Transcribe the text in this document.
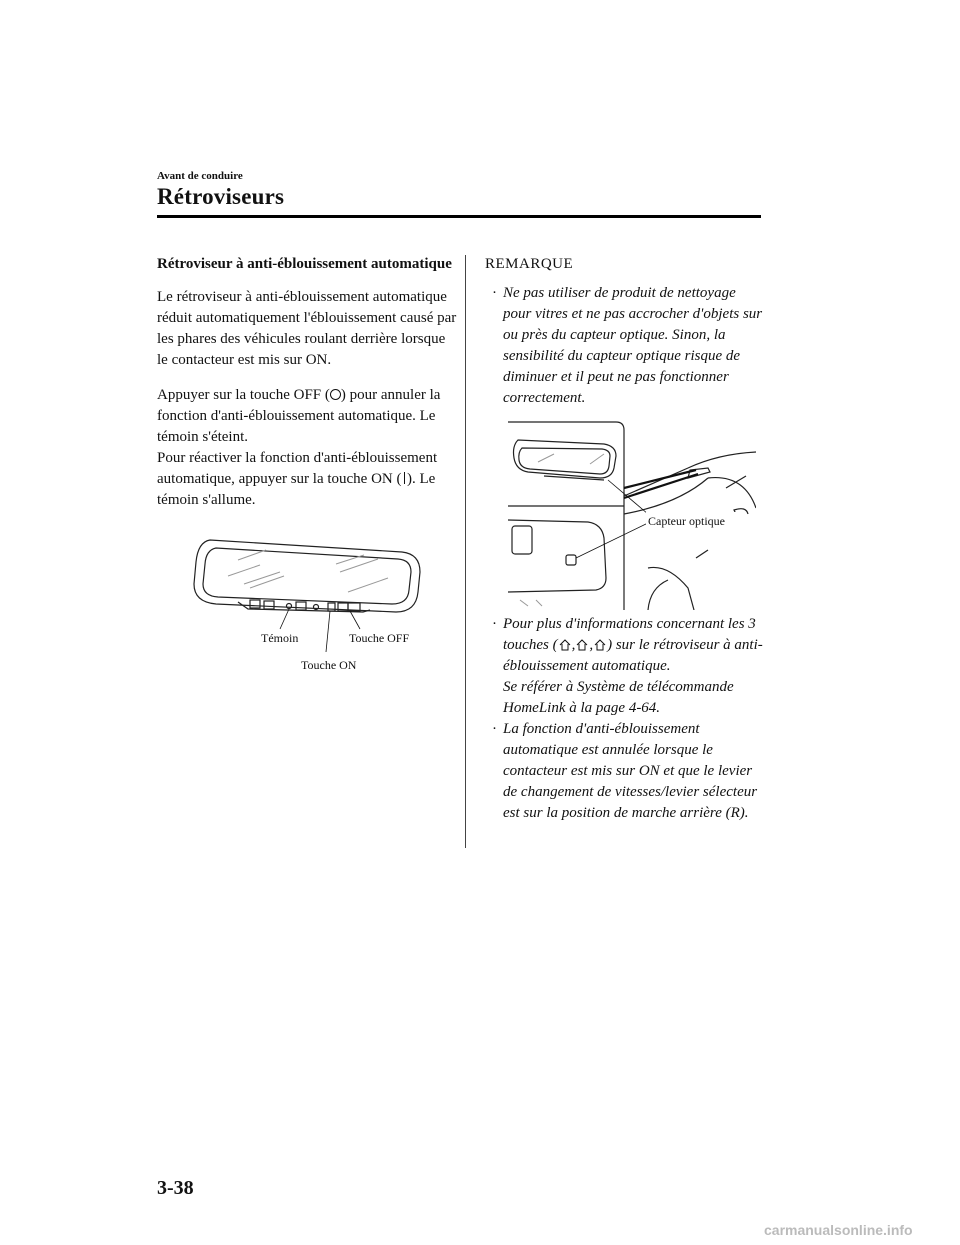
Avant de conduire
Rétroviseurs
Rétroviseur à anti-éblouissement automatique
Le rétroviseur à anti-éblouissement automatique réduit automatiquement l'éblouissement causé par les phares des véhicules roulant derrière lorsque le contacteur est mis sur ON.
Appuyer sur la touche OFF ( ) pour annuler la fonction d'anti-éblouissement automatique. Le témoin s'éteint.
Pour réactiver la fonction d'anti-éblouissement automatique, appuyer sur la touche ON ( ). Le témoin s'allume.
Témoin	Touche OFF
Touche ON
REMARQUE
· Ne pas utiliser de produit de nettoyage pour vitres et ne pas accrocher d'objets sur ou près du capteur optique. Sinon, la sensibilité du capteur optique risque de diminuer et il peut ne pas fonctionner correctement.
Capteur optique
· Pour plus d'informations concernant les 3 touches ( , , ) sur le rétroviseur à anti-éblouissement automatique.
Se référer à Système de télécommande HomeLink à la page 4-64.
· La fonction d'anti-éblouissement automatique est annulée lorsque le contacteur est mis sur ON et que le levier de changement de vitesses/levier sélecteur est sur la position de marche arrière (R).
3-38
carmanualsonline.info
